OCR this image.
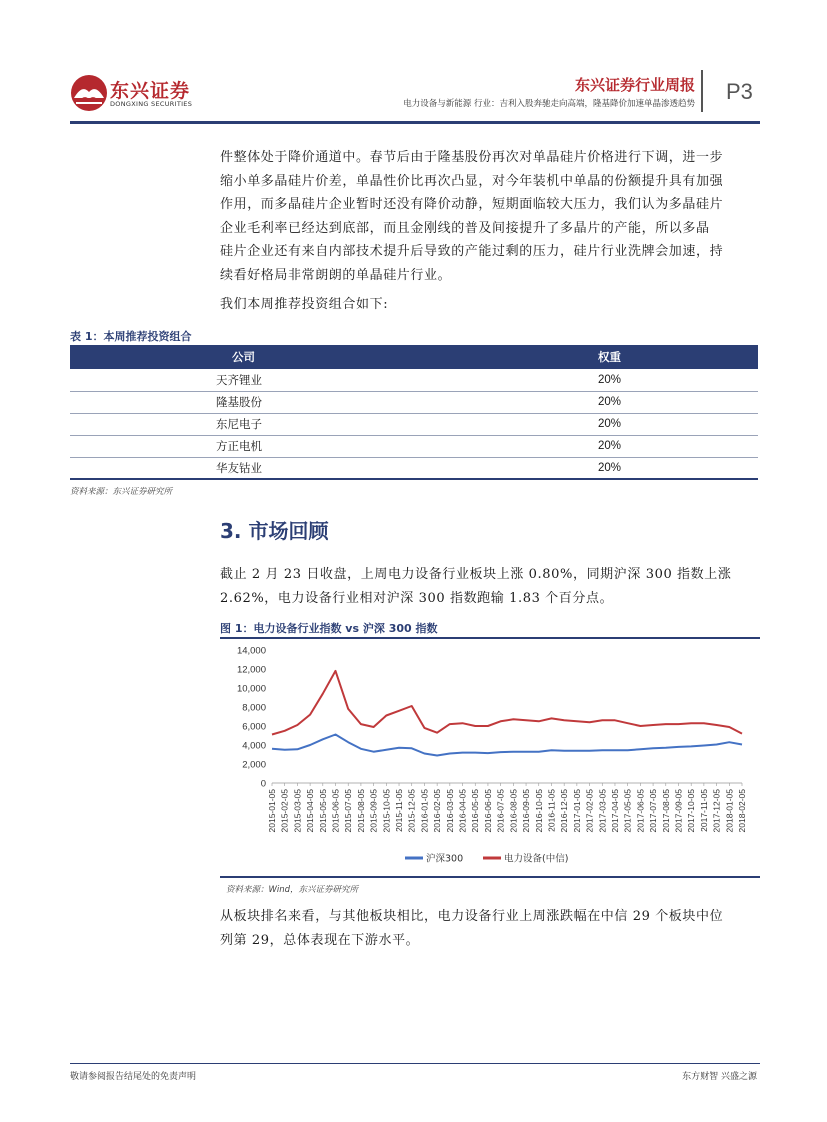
东兴证券
DONGXING SECURITIES
东兴证券行业周报
电力设备与新能源 行业：吉利入股奔驰走向高端，隆基降价加速单晶渗透趋势 P3
件整体处于降价通道中。春节后由于隆基股份再次对单晶硅片价格进行下调，进一步
缩小单多晶硅片价差，单晶性价比再次凸显，对今年装机中单晶的份额提升具有加强
作用，而多晶硅片企业暂时还没有降价动静，短期面临较大压力，我们认为多晶硅片
企业毛利率已经达到底部，而且金刚线的普及间接提升了多晶片的产能，所以多晶
硅片企业还有来自内部技术提升后导致的产能过剩的压力，硅片行业洗牌会加速，持
续看好格局非常朗朗的单晶硅片行业。
我们本周推荐投资组合如下:
表 1：本周推荐投资组合
公司	权重
天齐锂业	20%
隆基股份	20%
东尼电子	20%
方正电机	20%
华友钴业	20%
资料来源：东兴证券研究所
3. 市场回顾
截止 2 月 23 日收盘，上周电力设备行业板块上涨 0.80%，同期沪深 300 指数上涨
2.62%，电力设备行业相对沪深 300 指数跑输 1.83 个百分点。
图 1：电力设备行业指数 vs 沪深 300 指数
0
2,000
4,000
6,000
8,000
10,000
12,000
14,000
2015-01-05 2015-02-05 2015-03-05 2015-04-05 2015-05-05 2015-06-05 2015-07-05 2015-08-05 2015-09-05 2015-10-05 2015-11-05 2015-12-05 2016-01-05 2016-02-05 2016-03-05 2016-04-05 2016-05-05 2016-06-05 2016-07-05 2016-08-05 2016-09-05 2016-10-05 2016-11-05 2016-12-05 2017-01-05 2017-02-05 2017-03-05 2017-04-05 2017-05-05 2017-06-05 2017-07-05 2017-08-05 2017-09-05 2017-10-05 2017-11-05 2017-12-05 2018-01-05 2018-02-05
沪深300	电力设备(中信)
资料来源：Wind，东兴证券研究所
从板块排名来看，与其他板块相比，电力设备行业上周涨跌幅在中信 29 个板块中位
列第 29，总体表现在下游水平。
敬请参阅报告结尾处的免责声明	东方财智 兴盛之源
